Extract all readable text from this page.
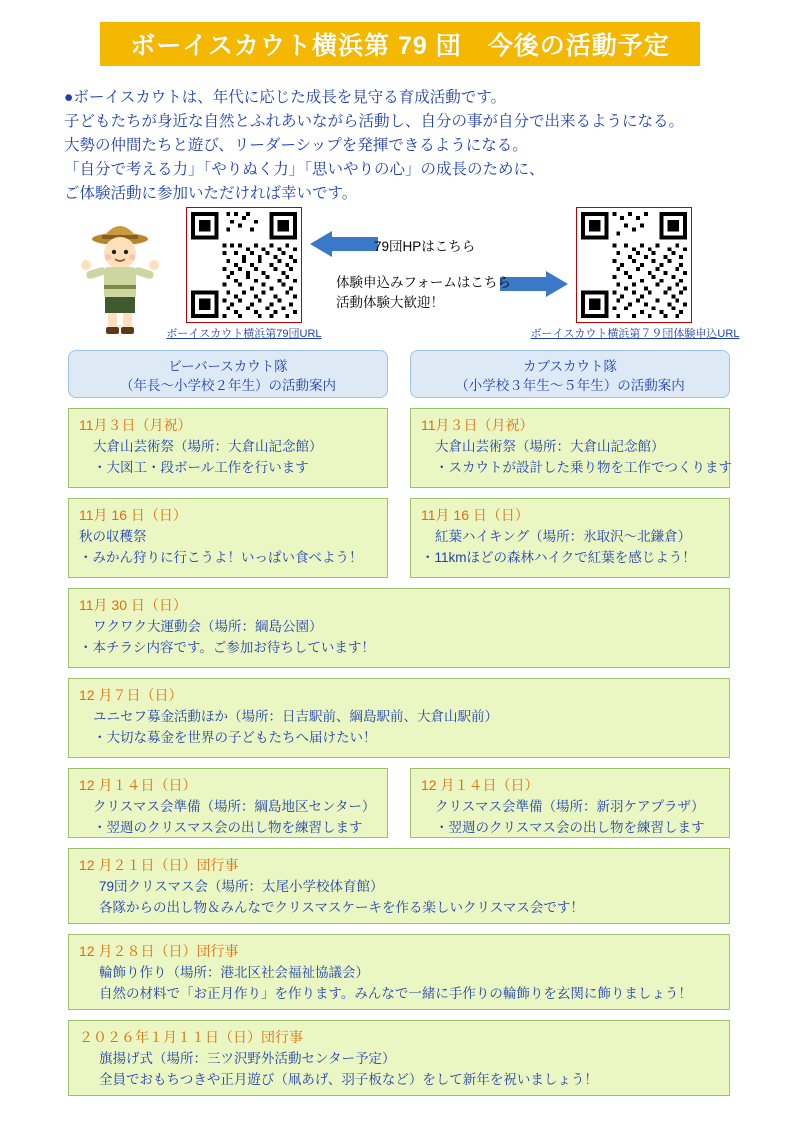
ボーイスカウト横浜第 79 団　今後の活動予定

●ボーイスカウトは、年代に応じた成長を見守る育成活動です。

子どもたちが身近な自然とふれあいながら活動し、自分の事が自分で出来るようになる。

大勢の仲間たちと遊び、リーダーシップを発揮できるようになる。

「自分で考える力」「やりぬく力」「思いやりの心」の成長のために、

ご体験活動に参加いただければ幸いです。

ボーイスカウト横浜第79団URL	ボーイスカウト横浜第７９団体験申込URL
79団HPはこちら
体験申込みフォームはこちら
活動体験大歓迎！
ビーバースカウト隊
（年長〜小学校２年生）の活動案内
カブスカウト隊
（小学校３年生〜５年生）の活動案内
11月３日（月祝）
大倉山芸術祭（場所：大倉山記念館）
・大図工・段ボール工作を行います
11月３日（月祝）
大倉山芸術祭（場所：大倉山記念館）
・スカウトが設計した乗り物を工作でつくります
11月 16 日（日）
秋の収穫祭
・みかん狩りに行こうよ！いっぱい食べよう！
11月 16 日（日）
紅葉ハイキング（場所：氷取沢〜北鎌倉）
・11kmほどの森林ハイクで紅葉を感じよう！
11月 30 日（日）
ワクワク大運動会（場所：綱島公園）
・本チラシ内容です。ご参加お待ちしています！
12 月７日（日）
ユニセフ募金活動ほか（場所：日吉駅前、綱島駅前、大倉山駅前）
・大切な募金を世界の子どもたちへ届けたい！
12 月１４日（日）
クリスマス会準備（場所：綱島地区センター）
・翌週のクリスマス会の出し物を練習します
12 月１４日（日）
クリスマス会準備（場所：新羽ケアプラザ）
・翌週のクリスマス会の出し物を練習します
12 月２１日（日）団行事
79団クリスマス会（場所：太尾小学校体育館）
各隊からの出し物＆みんなでクリスマスケーキを作る楽しいクリスマス会です！
12 月２８日（日）団行事
輪飾り作り（場所：港北区社会福祉協議会）
自然の材料で「お正月作り」を作ります。みんなで一緒に手作りの輪飾りを玄関に飾りましょう！
２０２６年１月１１日（日）団行事
旗揚げ式（場所：三ツ沢野外活動センター予定）
全員でおもちつきや正月遊び（凧あげ、羽子板など）をして新年を祝いましょう！
